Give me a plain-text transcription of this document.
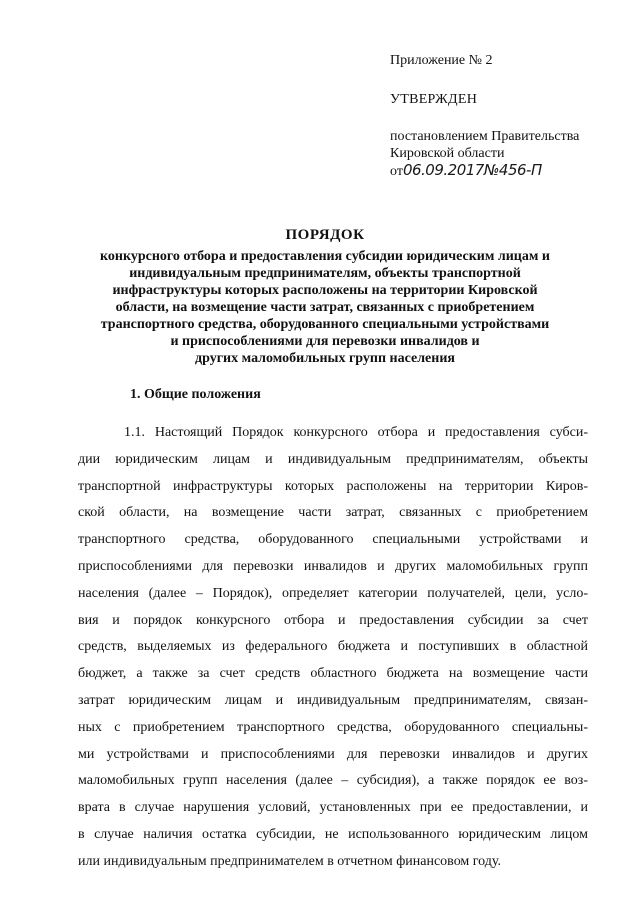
Приложение № 2
УТВЕРЖДЕН
постановлением Правительства
Кировской области
от06.09.2017№456-П
ПОРЯДОК
конкурсного отбора и предоставления субсидии юридическим лицам и
индивидуальным предпринимателям, объекты транспортной
инфраструктуры которых расположены на территории Кировской
области, на возмещение части затрат, связанных с приобретением
транспортного средства, оборудованного специальными устройствами
и приспособлениями для перевозки инвалидов и
других маломобильных групп населения
1. Общие положения
1.1. Настоящий Порядок конкурсного отбора и предоставления субси-
дии юридическим лицам и индивидуальным предпринимателям, объекты
транспортной инфраструктуры которых расположены на территории Киров-
ской области, на возмещение части затрат, связанных с приобретением
транспортного средства, оборудованного специальными устройствами и
приспособлениями для перевозки инвалидов и других маломобильных групп
населения (далее – Порядок), определяет категории получателей, цели, усло-
вия и порядок конкурсного отбора и предоставления субсидии за счет
средств, выделяемых из федерального бюджета и поступивших в областной
бюджет, а также за счет средств областного бюджета на возмещение части
затрат юридическим лицам и индивидуальным предпринимателям, связан-
ных с приобретением транспортного средства, оборудованного специальны-
ми устройствами и приспособлениями для перевозки инвалидов и других
маломобильных групп населения (далее – субсидия), а также порядок ее воз-
врата в случае нарушения условий, установленных при ее предоставлении, и
в случае наличия остатка субсидии, не использованного юридическим лицом
или индивидуальным предпринимателем в отчетном финансовом году.
